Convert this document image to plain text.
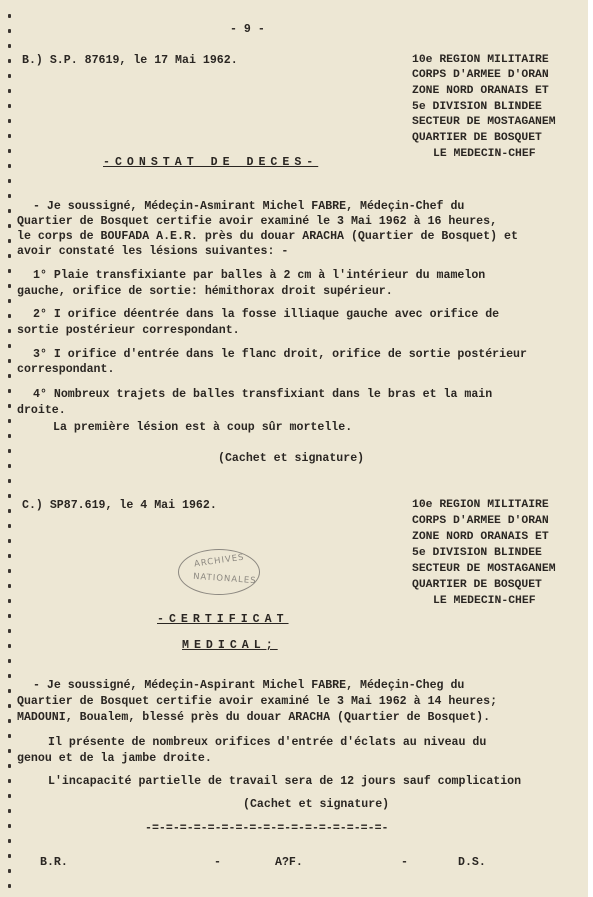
- 9 -
B.) S.P. 87619, le 17 Mai 1962.	10e REGION MILITAIRE
CORPS D'ARMEE D'ORAN
ZONE NORD ORANAIS ET
5e DIVISION BLINDEE
SECTEUR DE MOSTAGANEM
QUARTIER DE BOSQUET
LE MEDECIN-CHEF
-CONSTAT DE DECES-
- Je soussigné, Médeçin-Asmirant Michel FABRE, Médeçin-Chef du
Quartier de Bosquet certifie avoir examiné le 3 Mai 1962 à 16 heures,
le corps de BOUFADA A.E.R. près du douar ARACHA (Quartier de Bosquet) et
avoir constaté les lésions suivantes: -
1° Plaie transfixiante par balles à 2 cm à l'intérieur du mamelon
gauche, orifice de sortie: hémithorax droit supérieur.
2° I orifice déentrée dans la fosse illiaque gauche avec orifice de
sortie postérieur correspondant.
3° I orifice d'entrée dans le flanc droit, orifice de sortie postérieur
correspondant.
4° Nombreux trajets de balles transfixiant dans le bras et la main
droite.
La première lésion est à coup sûr mortelle.
(Cachet et signature)
C.) SP87.619, le 4 Mai 1962.	10e REGION MILITAIRE
CORPS D'ARMEE D'ORAN
ZONE NORD ORANAIS ET
5e DIVISION BLINDEE
SECTEUR DE MOSTAGANEM
QUARTIER DE BOSQUET
LE MEDECIN-CHEF
ARCHIVES
NATIONALES
-CERTIFICAT
MEDICAL;
- Je soussigné, Médeçin-Aspirant Michel FABRE, Médeçin-Cheg du
Quartier de Bosquet certifie avoir examiné le 3 Mai 1962 à 14 heures;
MADOUNI, Boualem, blessé près du douar ARACHA (Quartier de Bosquet).
Il présente de nombreux orifices d'entrée d'éclats au niveau du
genou et de la jambe droite.
L'incapacité partielle de travail sera de 12 jours sauf complication
(Cachet et signature)
-=-=-=-=-=-=-=-=-=-=-=-=-=-=-=-=-=-
B.R.	-	A?F.	-	D.S.
